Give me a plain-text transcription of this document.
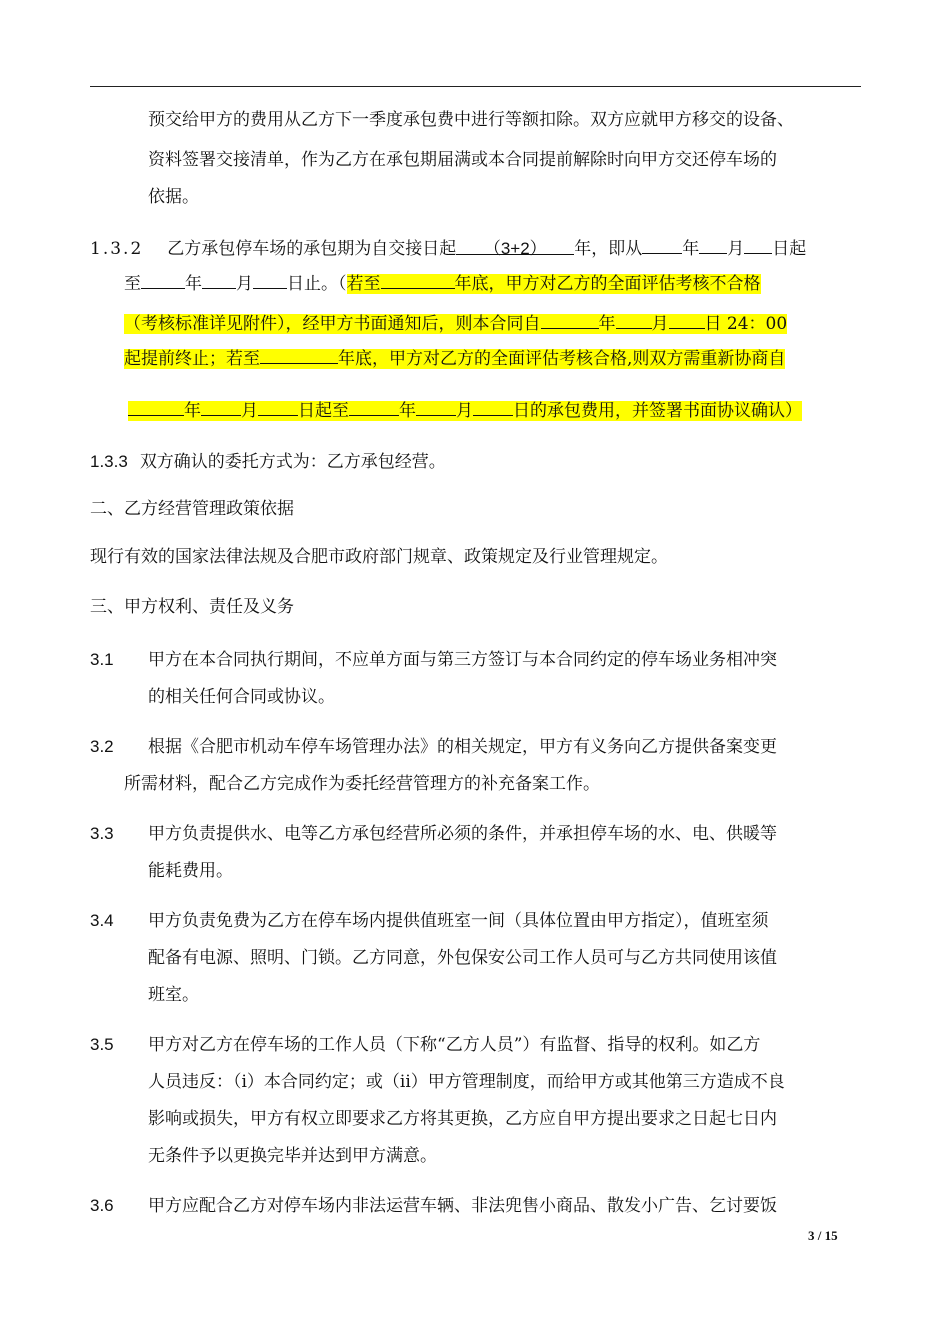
预交给甲方的费用从乙方下一季度承包费中进行等额扣除。双方应就甲方移交的设备、
资料签署交接清单，作为乙方在承包期届满或本合同提前解除时向甲方交还停车场的
依据。
1.3.2 乙方承包停车场的承包期为自交接日起 （3+2） 年，即从 年 月 日起
至	年 月 日止。（若至	年底，甲方对乙方的全面评估考核不合格
（考核标准详见附件），经甲方书面通知后，则本合同自	年 月 日 24：00
起提前终止；若至	年底，甲方对乙方的全面评估考核合格,则双方需重新协商自
年 月 日起至	年 月 日的承包费用，并签署书面协议确认）
1.3.3 双方确认的委托方式为：乙方承包经营。
二、乙方经营管理政策依据
现行有效的国家法律法规及合肥市政府部门规章、政策规定及行业管理规定。
三、甲方权利、责任及义务
3.1 甲方在本合同执行期间，不应单方面与第三方签订与本合同约定的停车场业务相冲突
的相关任何合同或协议。
3.2 根据《合肥市机动车停车场管理办法》的相关规定，甲方有义务向乙方提供备案变更
所需材料，配合乙方完成作为委托经营管理方的补充备案工作。
3.3 甲方负责提供水、电等乙方承包经营所必须的条件，并承担停车场的水、电、供暖等
能耗费用。
3.4 甲方负责免费为乙方在停车场内提供值班室一间（具体位置由甲方指定），值班室须
配备有电源、照明、门锁。乙方同意，外包保安公司工作人员可与乙方共同使用该值
班室。
3.5 甲方对乙方在停车场的工作人员（下称“乙方人员”）有监督、指导的权利。如乙方
人员违反：（i）本合同约定；或（ii）甲方管理制度，而给甲方或其他第三方造成不良
影响或损失，甲方有权立即要求乙方将其更换，乙方应自甲方提出要求之日起七日内
无条件予以更换完毕并达到甲方满意。
3.6 甲方应配合乙方对停车场内非法运营车辆、非法兜售小商品、散发小广告、乞讨要饭
3 / 15
